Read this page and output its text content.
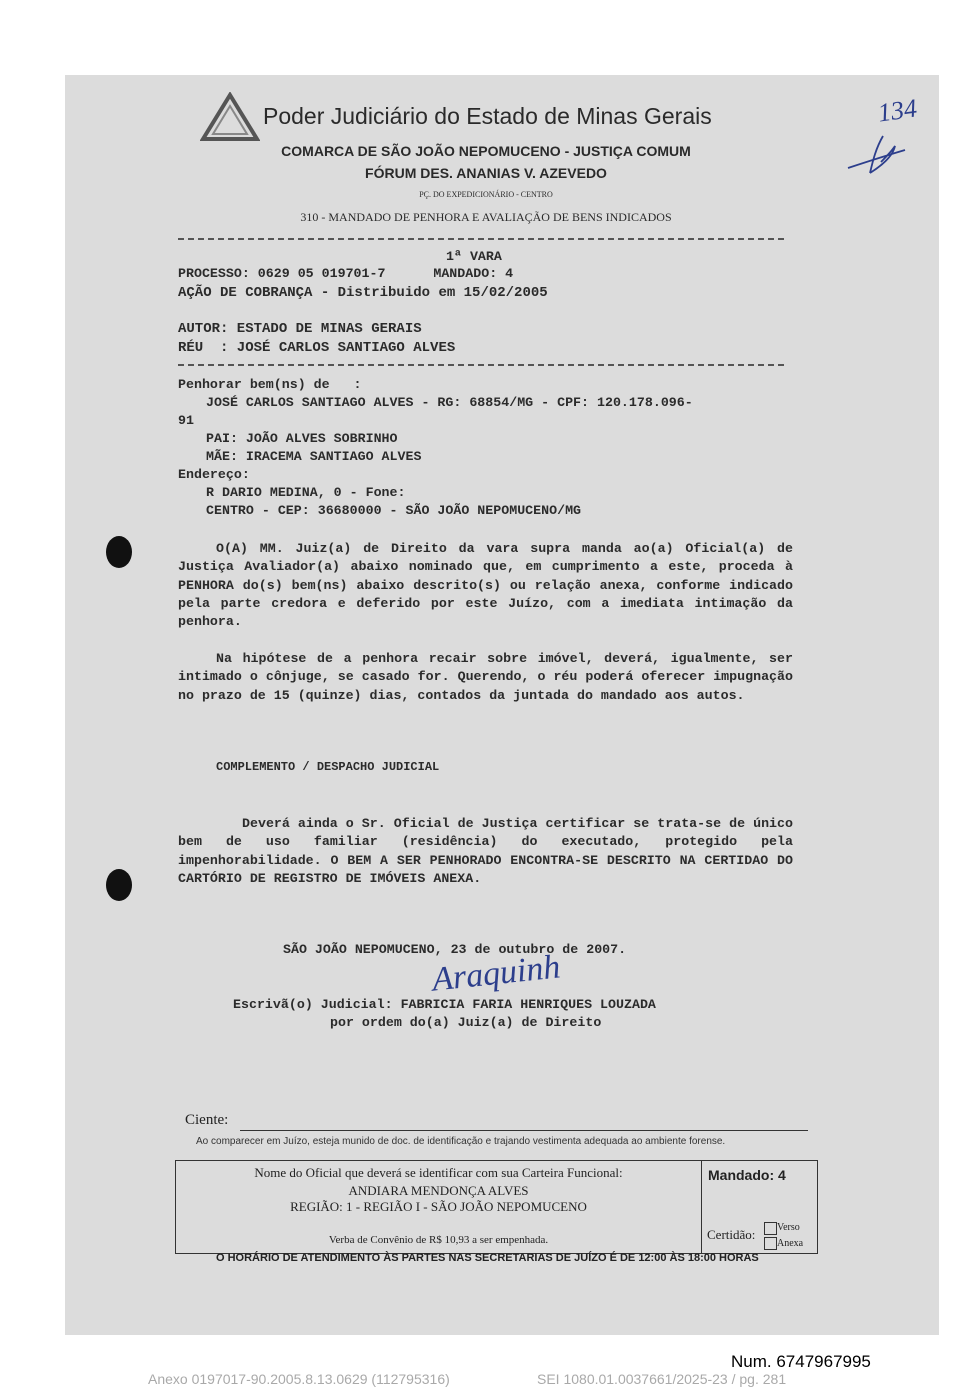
Poder Judiciário do Estado de Minas Gerais
COMARCA DE SÃO JOÃO NEPOMUCENO - JUSTIÇA COMUM
FÓRUM DES. ANANIAS V. AZEVEDO
PÇ. DO EXPEDICIONÁRIO - CENTRO
310 - MANDADO DE PENHORA E AVALIAÇÃO DE BENS INDICADOS
134
1ª VARA
PROCESSO: 0629 05 019701-7      MANDADO: 4
AÇÃO DE COBRANÇA - Distribuido em 15/02/2005
AUTOR: ESTADO DE MINAS GERAIS
RÉU  : JOSÉ CARLOS SANTIAGO ALVES
Penhorar bem(ns) de   :
JOSÉ CARLOS SANTIAGO ALVES - RG: 68854/MG - CPF: 120.178.096-
91
PAI: JOÃO ALVES SOBRINHO
MÃE: IRACEMA SANTIAGO ALVES
Endereço:
R DARIO MEDINA, 0 - Fone:
CENTRO - CEP: 36680000 - SÃO JOÃO NEPOMUCENO/MG
O(A) MM. Juiz(a) de Direito da vara supra manda ao(a) Oficial(a) de Justiça Avaliador(a) abaixo nominado que, em cumprimento a este, proceda à PENHORA do(s) bem(ns) abaixo descrito(s) ou relação anexa, conforme indicado pela parte credora e deferido por este Juízo, com a imediata intimação da penhora.
Na hipótese de a penhora recair sobre imóvel, deverá, igualmente, ser intimado o cônjuge, se casado for. Querendo, o réu poderá oferecer impugnação no prazo de 15 (quinze) dias, contados da juntada do mandado aos autos.
COMPLEMENTO / DESPACHO JUDICIAL
Deverá ainda o Sr. Oficial de Justiça certificar se trata-se de único bem de uso familiar (residência) do executado, protegido pela impenhorabilidade. O BEM A SER PENHORADO ENCONTRA-SE DESCRITO NA CERTIDAO DO CARTÓRIO DE REGISTRO DE IMÓVEIS ANEXA.
SÃO JOÃO NEPOMUCENO, 23 de outubro de 2007.
Araquinh
Escrivã(o) Judicial: FABRICIA FARIA HENRIQUES LOUZADA
por ordem do(a) Juiz(a) de Direito
Ciente:
Ao comparecer em Juízo, esteja munido de doc. de identificação e trajando vestimenta adequada ao ambiente forense.
Nome do Oficial que deverá se identificar com sua Carteira Funcional:
ANDIARA MENDONÇA ALVES
REGIÃO: 1 - REGIÃO I - SÃO JOÃO NEPOMUCENO
Verba de Convênio de R$ 10,93 a ser empenhada.
Mandado: 4
Certidão: Verso
Anexa
O HORÁRIO DE ATENDIMENTO ÀS PARTES NAS SECRETARIAS DE JUÍZO É DE 12:00 ÀS 18:00 HORAS
Num. 6747967995
Anexo 0197017-90.2005.8.13.0629 (112795316)	SEI 1080.01.0037661/2025-23 / pg. 281
